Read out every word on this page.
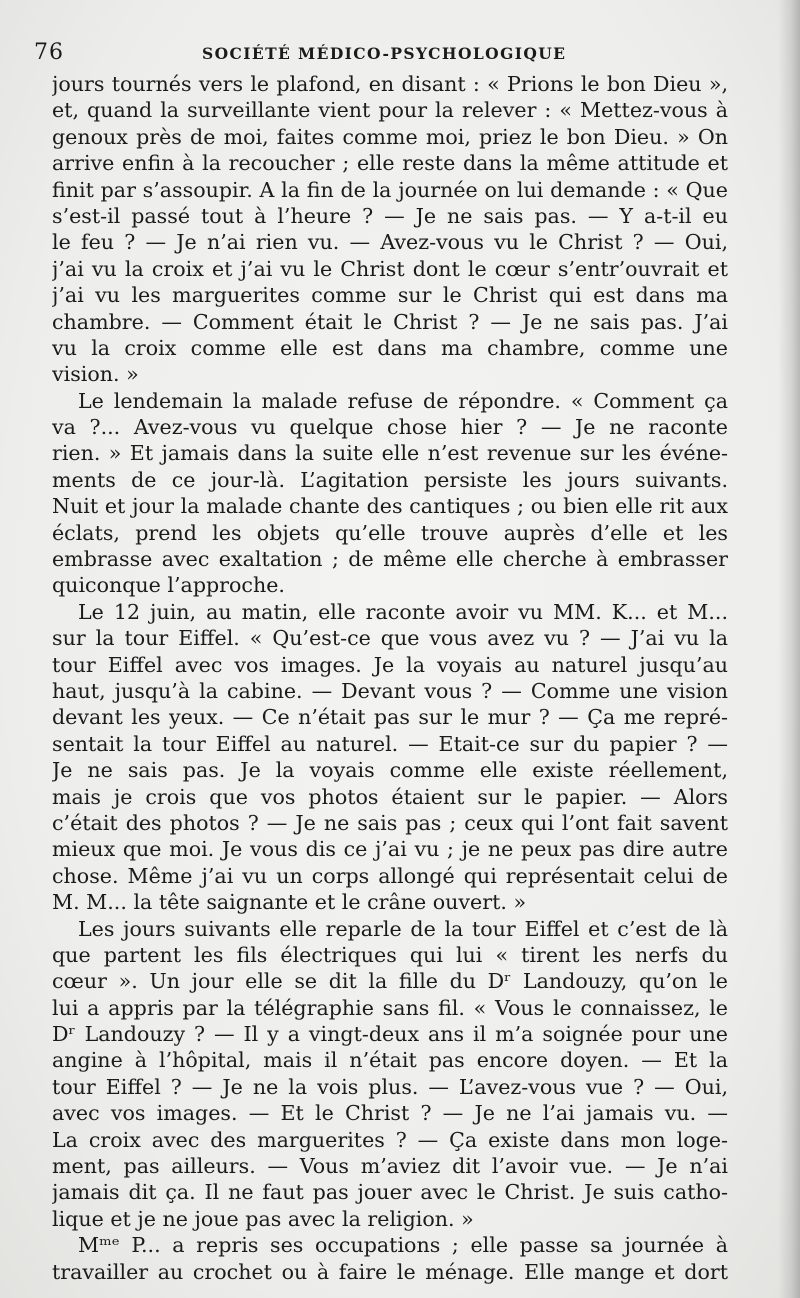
76	SOCIÉTÉ MÉDICO-PSYCHOLOGIQUE
jours tournés vers le plafond, en disant : « Prions le bon Dieu »,
et, quand la surveillante vient pour la relever : « Mettez-vous à
genoux près de moi, faites comme moi, priez le bon Dieu. » On
arrive enfin à la recoucher ; elle reste dans la même attitude et
finit par s’assoupir. A la fin de la journée on lui demande : « Que
s’est-il passé tout à l’heure ? — Je ne sais pas. — Y a-t-il eu
le feu ? — Je n’ai rien vu. — Avez-vous vu le Christ ? — Oui,
j’ai vu la croix et j’ai vu le Christ dont le cœur s’entr’ouvrait et
j’ai vu les marguerites comme sur le Christ qui est dans ma
chambre. — Comment était le Christ ? — Je ne sais pas. J’ai
vu la croix comme elle est dans ma chambre, comme une
vision. »
Le lendemain la malade refuse de répondre. « Comment ça
va ?... Avez-vous vu quelque chose hier ? — Je ne raconte
rien. » Et jamais dans la suite elle n’est revenue sur les événe-
ments de ce jour-là. L’agitation persiste les jours suivants.
Nuit et jour la malade chante des cantiques ; ou bien elle rit aux
éclats, prend les objets qu’elle trouve auprès d’elle et les
embrasse avec exaltation ; de même elle cherche à embrasser
quiconque l’approche.
Le 12 juin, au matin, elle raconte avoir vu MM. K... et M...
sur la tour Eiffel. « Qu’est-ce que vous avez vu ? — J’ai vu la
tour Eiffel avec vos images. Je la voyais au naturel jusqu’au
haut, jusqu’à la cabine. — Devant vous ? — Comme une vision
devant les yeux. — Ce n’était pas sur le mur ? — Ça me repré-
sentait la tour Eiffel au naturel. — Etait-ce sur du papier ? —
Je ne sais pas. Je la voyais comme elle existe réellement,
mais je crois que vos photos étaient sur le papier. — Alors
c’était des photos ? — Je ne sais pas ; ceux qui l’ont fait savent
mieux que moi. Je vous dis ce j’ai vu ; je ne peux pas dire autre
chose. Même j’ai vu un corps allongé qui représentait celui de
M. M... la tête saignante et le crâne ouvert. »
Les jours suivants elle reparle de la tour Eiffel et c’est de là
que partent les fils électriques qui lui « tirent les nerfs du
cœur ». Un jour elle se dit la fille du Dʳ Landouzy, qu’on le
lui a appris par la télégraphie sans fil. « Vous le connaissez, le
Dʳ Landouzy ? — Il y a vingt-deux ans il m’a soignée pour une
angine à l’hôpital, mais il n’était pas encore doyen. — Et la
tour Eiffel ? — Je ne la vois plus. — L’avez-vous vue ? — Oui,
avec vos images. — Et le Christ ? — Je ne l’ai jamais vu. —
La croix avec des marguerites ? — Ça existe dans mon loge-
ment, pas ailleurs. — Vous m’aviez dit l’avoir vue. — Je n’ai
jamais dit ça. Il ne faut pas jouer avec le Christ. Je suis catho-
lique et je ne joue pas avec la religion. »
Mᵐᵉ P... a repris ses occupations ; elle passe sa journée à
travailler au crochet ou à faire le ménage. Elle mange et dort
